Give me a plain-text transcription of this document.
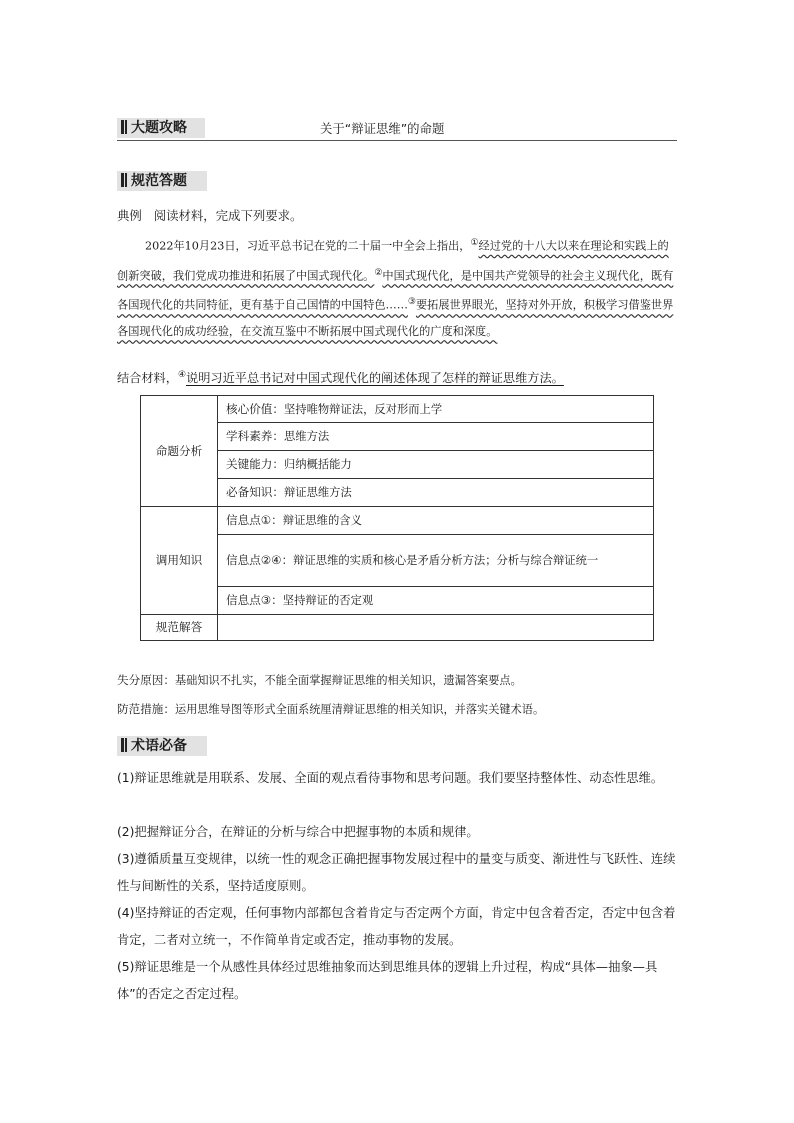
大题攻略	关于“辩证思维”的命题
规范答题
典例 阅读材料，完成下列要求。
2022年10月23日，习近平总书记在党的二十届一中全会上指出，①经过党的十八大以来在理论和实践上的创新突破，我们党成功推进和拓展了中国式现代化。②中国式现代化，是中国共产党领导的社会主义现代化，既有各国现代化的共同特征，更有基于自己国情的中国特色……③要拓展世界眼光，坚持对外开放，积极学习借鉴世界各国现代化的成功经验，在交流互鉴中不断拓展中国式现代化的广度和深度。
结合材料，④说明习近平总书记对中国式现代化的阐述体现了怎样的辩证思维方法。
命题分析	核心价值：坚持唯物辩证法，反对形而上学
	学科素养：思维方法
	关键能力：归纳概括能力
	必备知识：辩证思维方法
调用知识	信息点①：辩证思维的含义
	信息点②④：辩证思维的实质和核心是矛盾分析方法；分析与综合辩证统一
	信息点③：坚持辩证的否定观
规范解答	
失分原因：基础知识不扎实，不能全面掌握辩证思维的相关知识，遗漏答案要点。
防范措施：运用思维导图等形式全面系统厘清辩证思维的相关知识，并落实关键术语。
术语必备
(1)辩证思维就是用联系、发展、全面的观点看待事物和思考问题。我们要坚持整体性、动态性思维。
(2)把握辩证分合，在辩证的分析与综合中把握事物的本质和规律。
(3)遵循质量互变规律，以统一性的观念正确把握事物发展过程中的量变与质变、渐进性与飞跃性、连续性与间断性的关系，坚持适度原则。
(4)坚持辩证的否定观，任何事物内部都包含着肯定与否定两个方面，肯定中包含着否定，否定中包含着肯定，二者对立统一，不作简单肯定或否定，推动事物的发展。
(5)辩证思维是一个从感性具体经过思维抽象而达到思维具体的逻辑上升过程，构成“具体—抽象—具体”的否定之否定过程。
